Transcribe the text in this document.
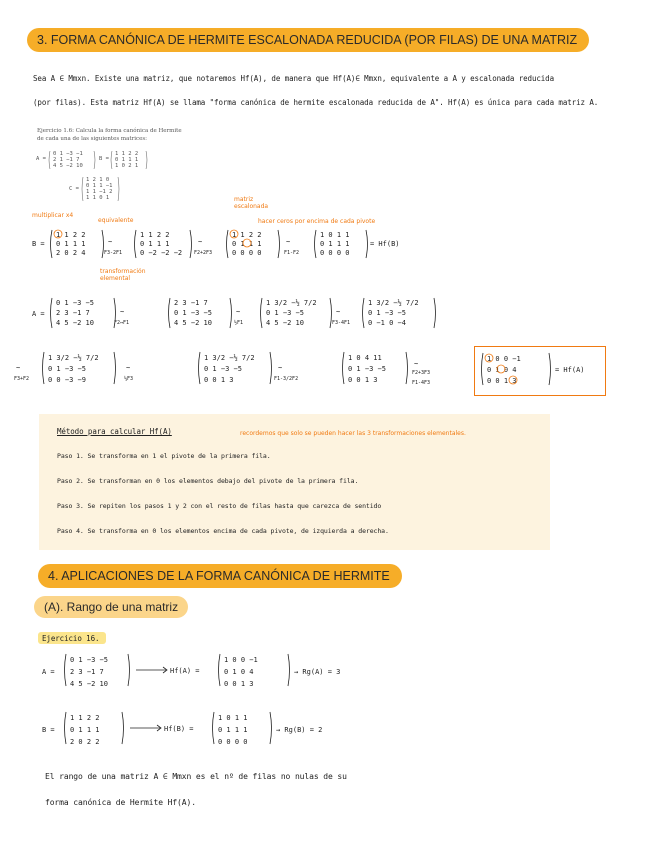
3. FORMA CANÓNICA DE HERMITE ESCALONADA REDUCIDA (POR FILAS) DE UNA MATRIZ
Sea A ∈ Mmxn. Existe una matriz, que notaremos Hf(A), de manera que Hf(A)∈ Mmxn, equivalente a A y escalonada reducida
(por filas). Esta matriz Hf(A) se llama "forma canónica de hermite escalonada reducida de A". Hf(A) es única para cada matriz A.
Ejercicio 1.6: Calcula la forma canónica de Hermite
de cada una de las siguientes matrices:
A =
0 1 −3 −1
2 1 −1 7
4 5 −2 10
B =
1 1 2 2
0 1 1 1
1 0 2 1
C =
1 2 1 0
0 1 1 −1
1 1 −1 2
1 1 0 1	matriz escalonada
multiplicar x4
equivalente	hacer ceros por encima de cada pivote
transformación elemental
B =
1 1 2 2
0 1 1 1
2 0 2 4
~
F3-2F1
1 1 2 2
0 1 1 1
0 −2 −2 −2
~
F2+2F3
1 1 2 2
0 1 1 1
0 0 0 0
~
F1-F2
1 0 1 1
0 1 1 1
0 0 0 0
= Hf(B)
A =
0 1 −3 −5
2 3 −1 7
4 5 −2 10
~
F2↔F1
2 3 −1 7
0 1 −3 −5
4 5 −2 10
~
½F1
1 3/2 −½ 7/2
0 1 −3 −5
4 5 −2 10
~
F3-4F1
1 3/2 −½ 7/2
0 1 −3 −5
0 −1 0 −4
~
F3+F2
1 3/2 −½ 7/2
0 1 −3 −5
0 0 −3 −9
~
⅓F3
1 3/2 −½ 7/2
0 1 −3 −5
0 0 1 3
~
F1-3/2F2
1 0 4 11
0 1 −3 −5
0 0 1 3
~
F2+3F3
F1-4F3
1 0 0 −1
0 1 0 4
0 0 1 3
= Hf(A)
Método para calcular Hf(A)	recordemos que solo se pueden hacer las 3 transformaciones elementales.
Paso 1. Se transforma en 1 el pivote de la primera fila.
Paso 2. Se transforman en 0 los elementos debajo del pivote de la primera fila.
Paso 3. Se repiten los pasos 1 y 2 con el resto de filas hasta que carezca de sentido
Paso 4. Se transforma en 0 los elementos encima de cada pivote, de izquierda a derecha.
4. APLICACIONES DE LA FORMA CANÓNICA DE HERMITE
(A). Rango de una matriz
Ejercicio 16.
A =
0 1 −3 −5
2 3 −1 7
4 5 −2 10
Hf(A) =
1 0 0 −1
0 1 0 4
0 0 1 3
→ Rg(A) = 3
B =
1 1 2 2
0 1 1 1
2 0 2 2
Hf(B) =
1 0 1 1
0 1 1 1
0 0 0 0
→ Rg(B) = 2
El rango de una matriz A ∈ Mmxn es el nº de filas no nulas de su
forma canónica de Hermite Hf(A).
